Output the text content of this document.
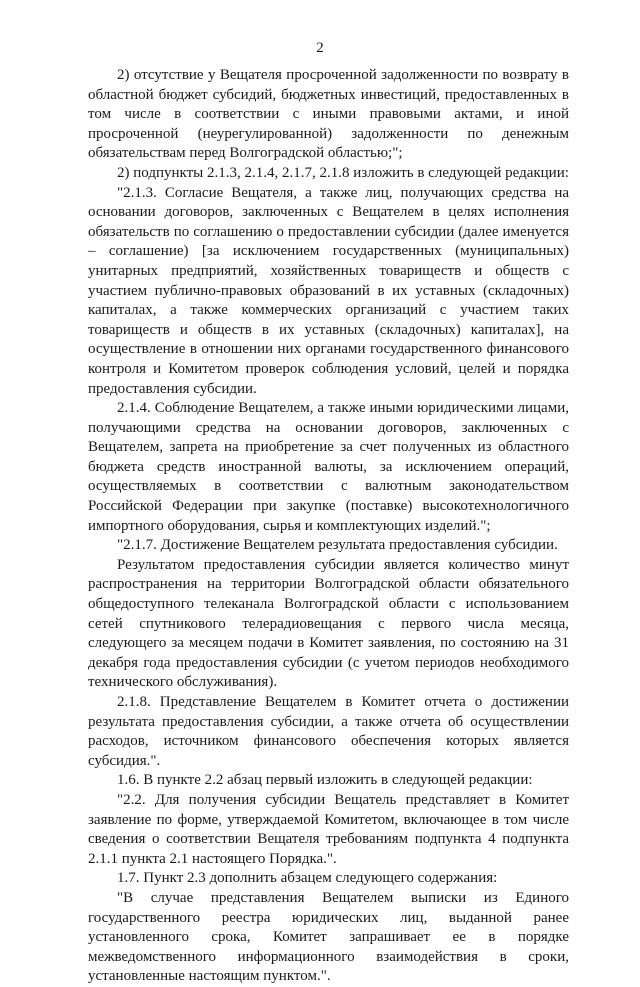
2

2) отсутствие у Вещателя просроченной задолженности по возврату в областной бюджет субсидий, бюджетных инвестиций, предоставленных в том числе в соответствии с иными правовыми актами, и иной просроченной (неурегулированной) задолженности по денежным обязательствам перед Волгоградской областью;";

2) подпункты 2.1.3, 2.1.4, 2.1.7, 2.1.8 изложить в следующей редакции:

"2.1.3. Согласие Вещателя, а также лиц, получающих средства на основании договоров, заключенных с Вещателем в целях исполнения обязательств по соглашению о предоставлении субсидии (далее именуется – соглашение) [за исключением государственных (муниципальных) унитарных предприятий, хозяйственных товариществ и обществ с участием публично-правовых образований в их уставных (складочных) капиталах, а также коммерческих организаций с участием таких товариществ и обществ в их уставных (складочных) капиталах], на осуществление в отношении них органами государственного финансового контроля и Комитетом проверок соблюдения условий, целей и порядка предоставления субсидии.

2.1.4. Соблюдение Вещателем, а также иными юридическими лицами, получающими средства на основании договоров, заключенных с Вещателем, запрета на приобретение за счет полученных из областного бюджета средств иностранной валюты, за исключением операций, осуществляемых в соответствии с валютным законодательством Российской Федерации при закупке (поставке) высокотехнологичного импортного оборудования, сырья и комплектующих изделий.";

"2.1.7. Достижение Вещателем результата предоставления субсидии.

Результатом предоставления субсидии является количество минут распространения на территории Волгоградской области обязательного общедоступного телеканала Волгоградской области с использованием сетей спутникового телерадиовещания с первого числа месяца, следующего за месяцем подачи в Комитет заявления, по состоянию на 31 декабря года предоставления субсидии (с учетом периодов необходимого технического обслуживания).

2.1.8. Представление Вещателем в Комитет отчета о достижении результата предоставления субсидии, а также отчета об осуществлении расходов, источником финансового обеспечения которых является субсидия.".

1.6. В пункте 2.2 абзац первый изложить в следующей редакции:

"2.2. Для получения субсидии Вещатель представляет в Комитет заявление по форме, утверждаемой Комитетом, включающее в том числе сведения о соответствии Вещателя требованиям подпункта 4 подпункта 2.1.1 пункта 2.1 настоящего Порядка.".

1.7. Пункт 2.3 дополнить абзацем следующего содержания:

"В случае представления Вещателем выписки из Единого государственного реестра юридических лиц, выданной ранее установленного срока, Комитет запрашивает ее в порядке межведомственного информационного взаимодействия в сроки, установленные настоящим пунктом.".
